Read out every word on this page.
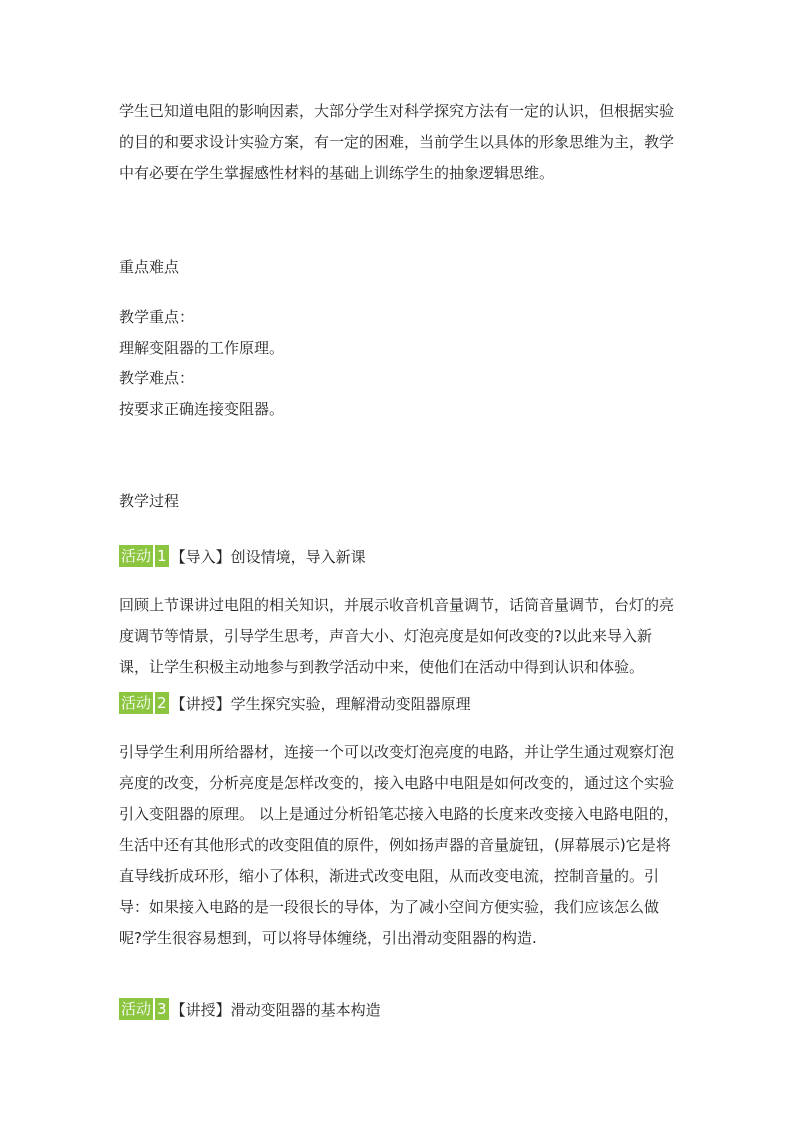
学生已知道电阻的影响因素，大部分学生对科学探究方法有一定的认识，但根据实验的目的和要求设计实验方案，有一定的困难，当前学生以具体的形象思维为主，教学中有必要在学生掌握感性材料的基础上训练学生的抽象逻辑思维。

重点难点

教学重点：

理解变阻器的工作原理。

教学难点：

按要求正确连接变阻器。

教学过程

活动 1 【导入】创设情境，导入新课

回顾上节课讲过电阻的相关知识，并展示收音机音量调节，话筒音量调节，台灯的亮度调节等情景，引导学生思考，声音大小、灯泡亮度是如何改变的?以此来导入新课，让学生积极主动地参与到教学活动中来，使他们在活动中得到认识和体验。

活动 2 【讲授】学生探究实验，理解滑动变阻器原理

引导学生利用所给器材，连接一个可以改变灯泡亮度的电路，并让学生通过观察灯泡亮度的改变，分析亮度是怎样改变的，接入电路中电阻是如何改变的，通过这个实验引入变阻器的原理。 以上是通过分析铅笔芯接入电路的长度来改变接入电路电阻的，生活中还有其他形式的改变阻值的原件，例如扬声器的音量旋钮，(屏幕展示)它是将直导线折成环形，缩小了体积，渐进式改变电阻，从而改变电流，控制音量的。引导：如果接入电路的是一段很长的导体，为了减小空间方便实验，我们应该怎么做呢?学生很容易想到，可以将导体缠绕，引出滑动变阻器的构造.

活动 3 【讲授】滑动变阻器的基本构造
